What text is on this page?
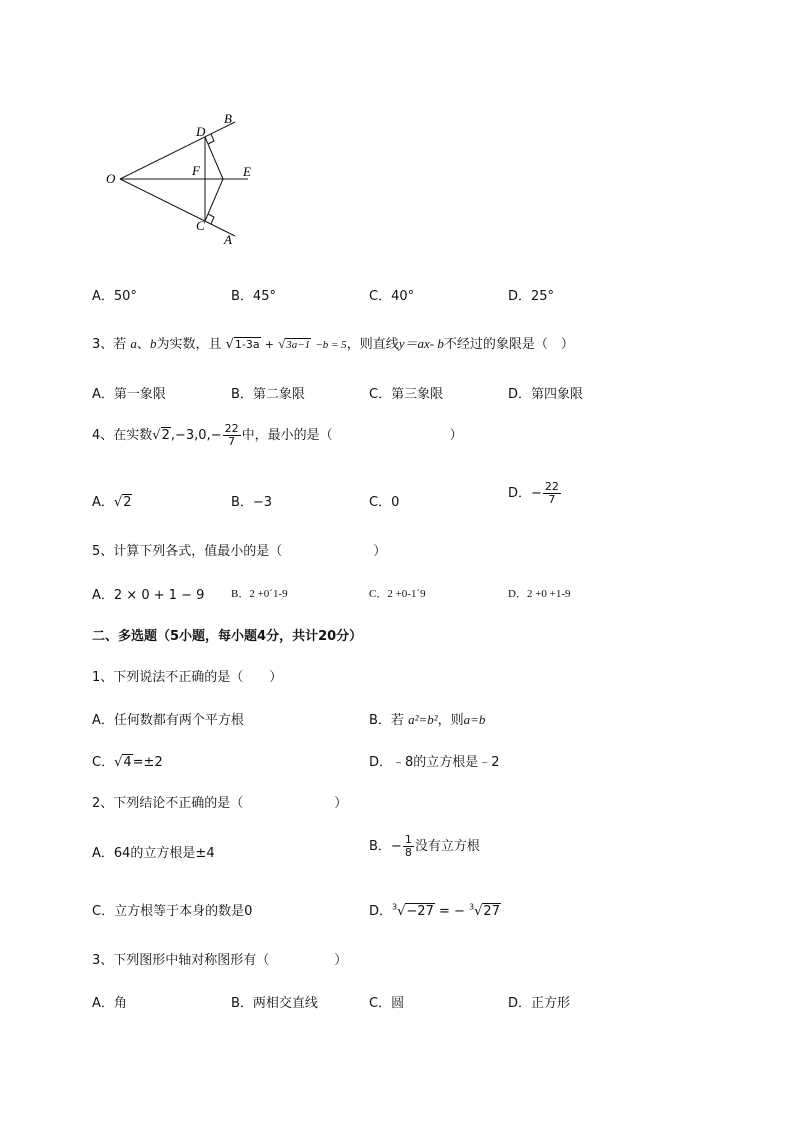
O
D
B
F	E
C
A
A．50°	B．45°	C．40°	D．25°
3、若 a、b为实数，且 √1-3a + √3a−1 −b = 5，则直线y＝ax- b不经过的象限是（　）
A．第一象限	B．第二象限	C．第三象限	D．第四象限
4、在实数$√2,-3,0,- \frac{22}{7}$ 中，最小的是（　　　　　　　　　）
A．√2	B．−3	C．0
D．− $\frac{22}{7}$
5、计算下列各式，值最小的是（　　　　　　　）
A．2 × 0 + 1 − 9 B．2 +0´1-9	C．2 +0-1´9	D．2 +0 +1-9
二、多选题（5小题，每小题4分，共计20分）
1、下列说法不正确的是（　　）
A．任何数都有两个平方根	B．若 a²=b²，则a=b
C．√4=±2	D．﹣8的立方根是﹣2
2、下列结论不正确的是（　　　　　　　）
A．64的立方根是±4	B．− $\frac{1}{8}$ 没有立方根
C．立方根等于本身的数是0	D．$^3$√−27 = − $^3$√27
3、下列图形中轴对称图形有（　　　　　）
A．角	B．两相交直线	C．圆	D．正方形
